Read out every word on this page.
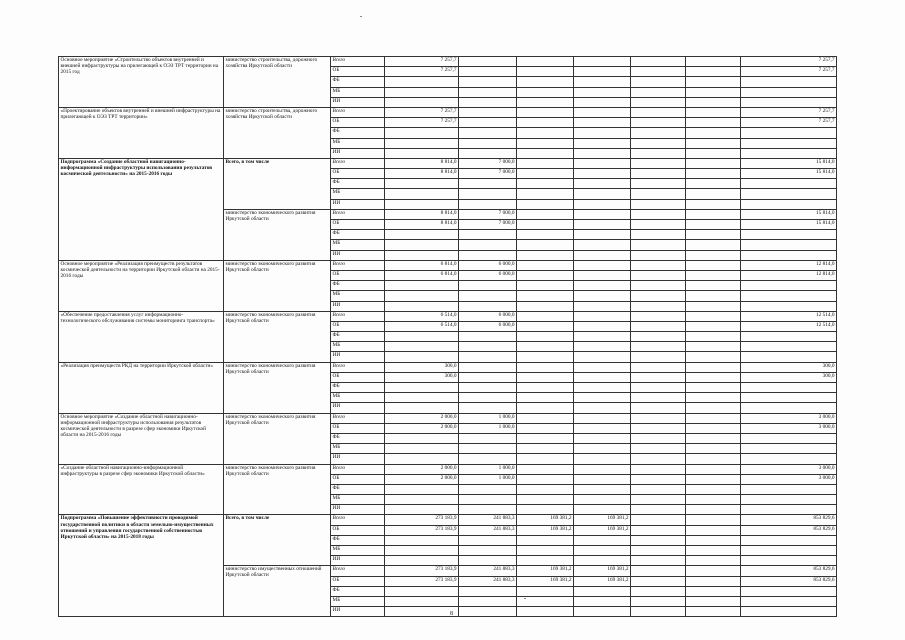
Основное мероприятие «Строительство объектов внутренней и внешней инфраструктуры на прилегающей к ОЭЗ ТРТ территории на 2015 год	министерство строительства, дорожного хозяйства Иркутской области	Всего	7 257,7						7 257,7
		ОБ	7 257,7						7 257,7
		ФБ							
		МБ							
		ИИ							
«Проектирование объектов внутренней и внешней инфраструктуры на прилегающей к ОЭЗ ТРТ территории»	министерство строительства, дорожного хозяйства Иркутской области	Всего	7 257,7						7 257,7
		ОБ	7 257,7						7 257,7
		ФБ							
		МБ							
		ИИ							
Подпрограмма «Создание областной навигационно-информационной инфраструктуры использования результатов космической деятельности» на 2015-2016 годы	Всего, в том числе	Всего	8 814,0	7 000,0					15 814,0
		ОБ	8 814,0	7 000,0					15 814,0
		ФБ							
		МБ							
		ИИ							
	министерство экономического развития Иркутской области	Всего	8 814,0	7 000,0					15 814,0
		ОБ	8 814,0	7 000,0					15 814,0
		ФБ							
		МБ							
		ИИ							
Основное мероприятие «Реализация преимуществ результатов космической деятельности на территории Иркутской области на 2015-2016 годы	министерство экономического развития Иркутской области	Всего	6 814,0	6 000,0					12 814,0
		ОБ	6 814,0	6 000,0					12 814,0
		ФБ							
		МБ							
		ИИ							
«Обеспечение предоставления услуг информационно-технологического обслуживания системы мониторинга транспорта»	министерство экономического развития Иркутской области	Всего	6 514,0	6 000,0					12 514,0
		ОБ	6 514,0	6 000,0					12 514,0
		ФБ							
		МБ							
		ИИ							
«Реализация преимуществ РКД на территории Иркутской области»	министерство экономического развития Иркутской области	Всего	300,0						300,0
		ОБ	300,0						300,0
		ФБ							
		МБ							
		ИИ							
Основное мероприятие «Создание областной навигационно-информационной инфраструктуры использования результатов космической деятельности в разрезе сфер экономики Иркутской области на 2015-2016 годы	министерство экономического развития Иркутской области	Всего	2 000,0	1 000,0					3 000,0
		ОБ	2 000,0	1 000,0					3 000,0
		ФБ							
		МБ							
		ИИ							
«Создание областной навигационно-информационной инфраструктуры в разрезе сфер экономики Иркутской области»	министерство экономического развития Иркутской области	Всего	2 000,0	1 000,0					3 000,0
		ОБ	2 000,0	1 000,0					3 000,0
		ФБ							
		МБ							
		ИИ							
Подпрограмма «Повышение эффективности проводимой государственной политики в области земельно-имущественных отношений и управления государственной собственностью Иркутской области» на 2015-2018 годы	Всего, в том числе	Всего	273 183,9	241 883,3	169 381,2	169 381,2			853 829,6
		ОБ	273 183,9	241 883,3	169 381,2	169 381,2			853 829,6
		ФБ							
		МБ							
		ИИ							
	министерство имущественных отношений Иркутской области	Всего	273 183,9	241 883,3	169 381,2	169 381,2			853 829,6
		ОБ	273 183,9	241 883,3	169 381,2	169 381,2			853 829,6
		ФБ							
		МБ							
		ИИ							
8
